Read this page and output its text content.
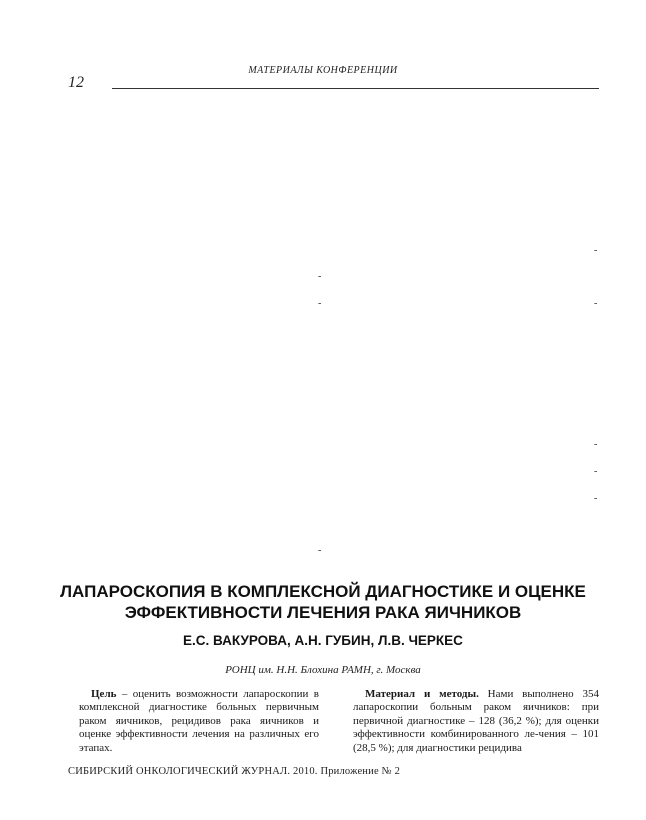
МАТЕРИАЛЫ КОНФЕРЕНЦИИ
12
-
-
-	-
-
-
-
-
ЛАПАРОСКОПИЯ В КОМПЛЕКСНОЙ ДИАГНОСТИКЕ И ОЦЕНКЕ
ЭФФЕКТИВНОСТИ ЛЕЧЕНИЯ РАКА ЯИЧНИКОВ
Е.С. ВАКУРОВА, А.Н. ГУБИН, Л.В. ЧЕРКЕС
РОНЦ им. Н.Н. Блохина РАМН, г. Москва

Цель – оценить возможности лапароскопии в комплексной диагностике больных первичным раком яичников, рецидивов рака яичников и оценке эффективности лечения на различных его этапах.

Материал и методы. Нами выполнено 354 лапароскопии больным раком яичников: при первичной диагностике – 128 (36,2 %); для оценки эффективности комбинированного ле-чения – 101 (28,5 %); для диагностики рецидива

СИБИРСКИЙ ОНКОЛОГИЧЕСКИЙ ЖУРНАЛ. 2010. Приложение № 2
